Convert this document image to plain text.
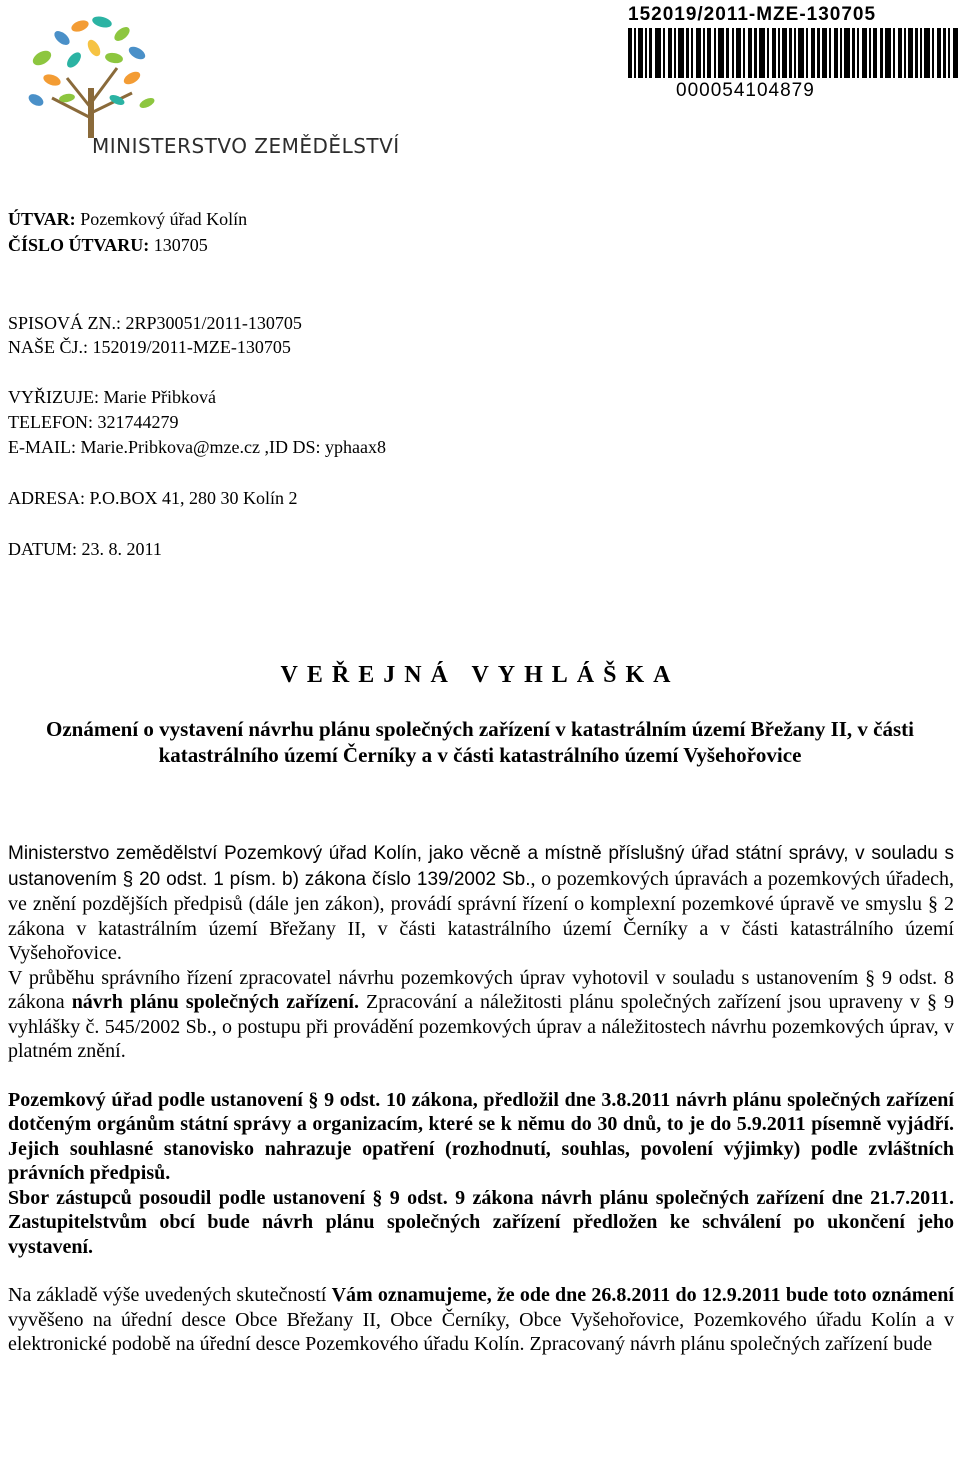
MINISTERSTVO ZEMĚDĚLSTVÍ
152019/2011-MZE-130705
000054104879
ÚTVAR: Pozemkový úřad Kolín
ČÍSLO ÚTVARU: 130705
SPISOVÁ ZN.: 2RP30051/2011-130705
NAŠE ČJ.: 152019/2011-MZE-130705
VYŘIZUJE: Marie Přibková
TELEFON: 321744279
E-MAIL: Marie.Pribkova@mze.cz ,ID DS: yphaax8
ADRESA: P.O.BOX 41, 280 30 Kolín 2
DATUM: 23. 8. 2011
VEŘEJNÁ VYHLÁŠKA
Oznámení o vystavení návrhu plánu společných zařízení v katastrálním území Břežany II, v části katastrálního území Černíky a v části katastrálního území Vyšehořovice

Ministerstvo zemědělství Pozemkový úřad Kolín, jako věcně a místně příslušný úřad státní správy, v souladu s ustanovením § 20 odst. 1 písm. b) zákona číslo 139/2002 Sb., o pozemkových úpravách a pozemkových úřadech, ve znění pozdějších předpisů (dále jen zákon), provádí správní řízení o komplexní pozemkové úpravě ve smyslu § 2 zákona v katastrálním území Břežany II, v části katastrálního území Černíky a v části katastrálního území Vyšehořovice.

V průběhu správního řízení zpracovatel návrhu pozemkových úprav vyhotovil v souladu s ustanovením § 9 odst. 8 zákona návrh plánu společných zařízení. Zpracování a náležitosti plánu společných zařízení jsou upraveny v § 9 vyhlášky č. 545/2002 Sb., o postupu při provádění pozemkových úprav a náležitostech návrhu pozemkových úprav, v platném znění.

Pozemkový úřad podle ustanovení § 9 odst. 10 zákona, předložil dne 3.8.2011 návrh plánu společných zařízení dotčeným orgánům státní správy a organizacím, které se k němu do 30 dnů, to je do 5.9.2011 písemně vyjádří. Jejich souhlasné stanovisko nahrazuje opatření (rozhodnutí, souhlas, povolení výjimky) podle zvláštních právních předpisů.

Sbor zástupců posoudil podle ustanovení § 9 odst. 9 zákona návrh plánu společných zařízení dne 21.7.2011. Zastupitelstvům obcí bude návrh plánu společných zařízení předložen ke schválení po ukončení jeho vystavení.

Na základě výše uvedených skutečností Vám oznamujeme, že ode dne 26.8.2011 do 12.9.2011 bude toto oznámení vyvěšeno na úřední desce Obce Břežany II, Obce Černíky, Obce Vyšehořovice, Pozemkového úřadu Kolín a v elektronické podobě na úřední desce Pozemkového úřadu Kolín. Zpracovaný návrh plánu společných zařízení bude
